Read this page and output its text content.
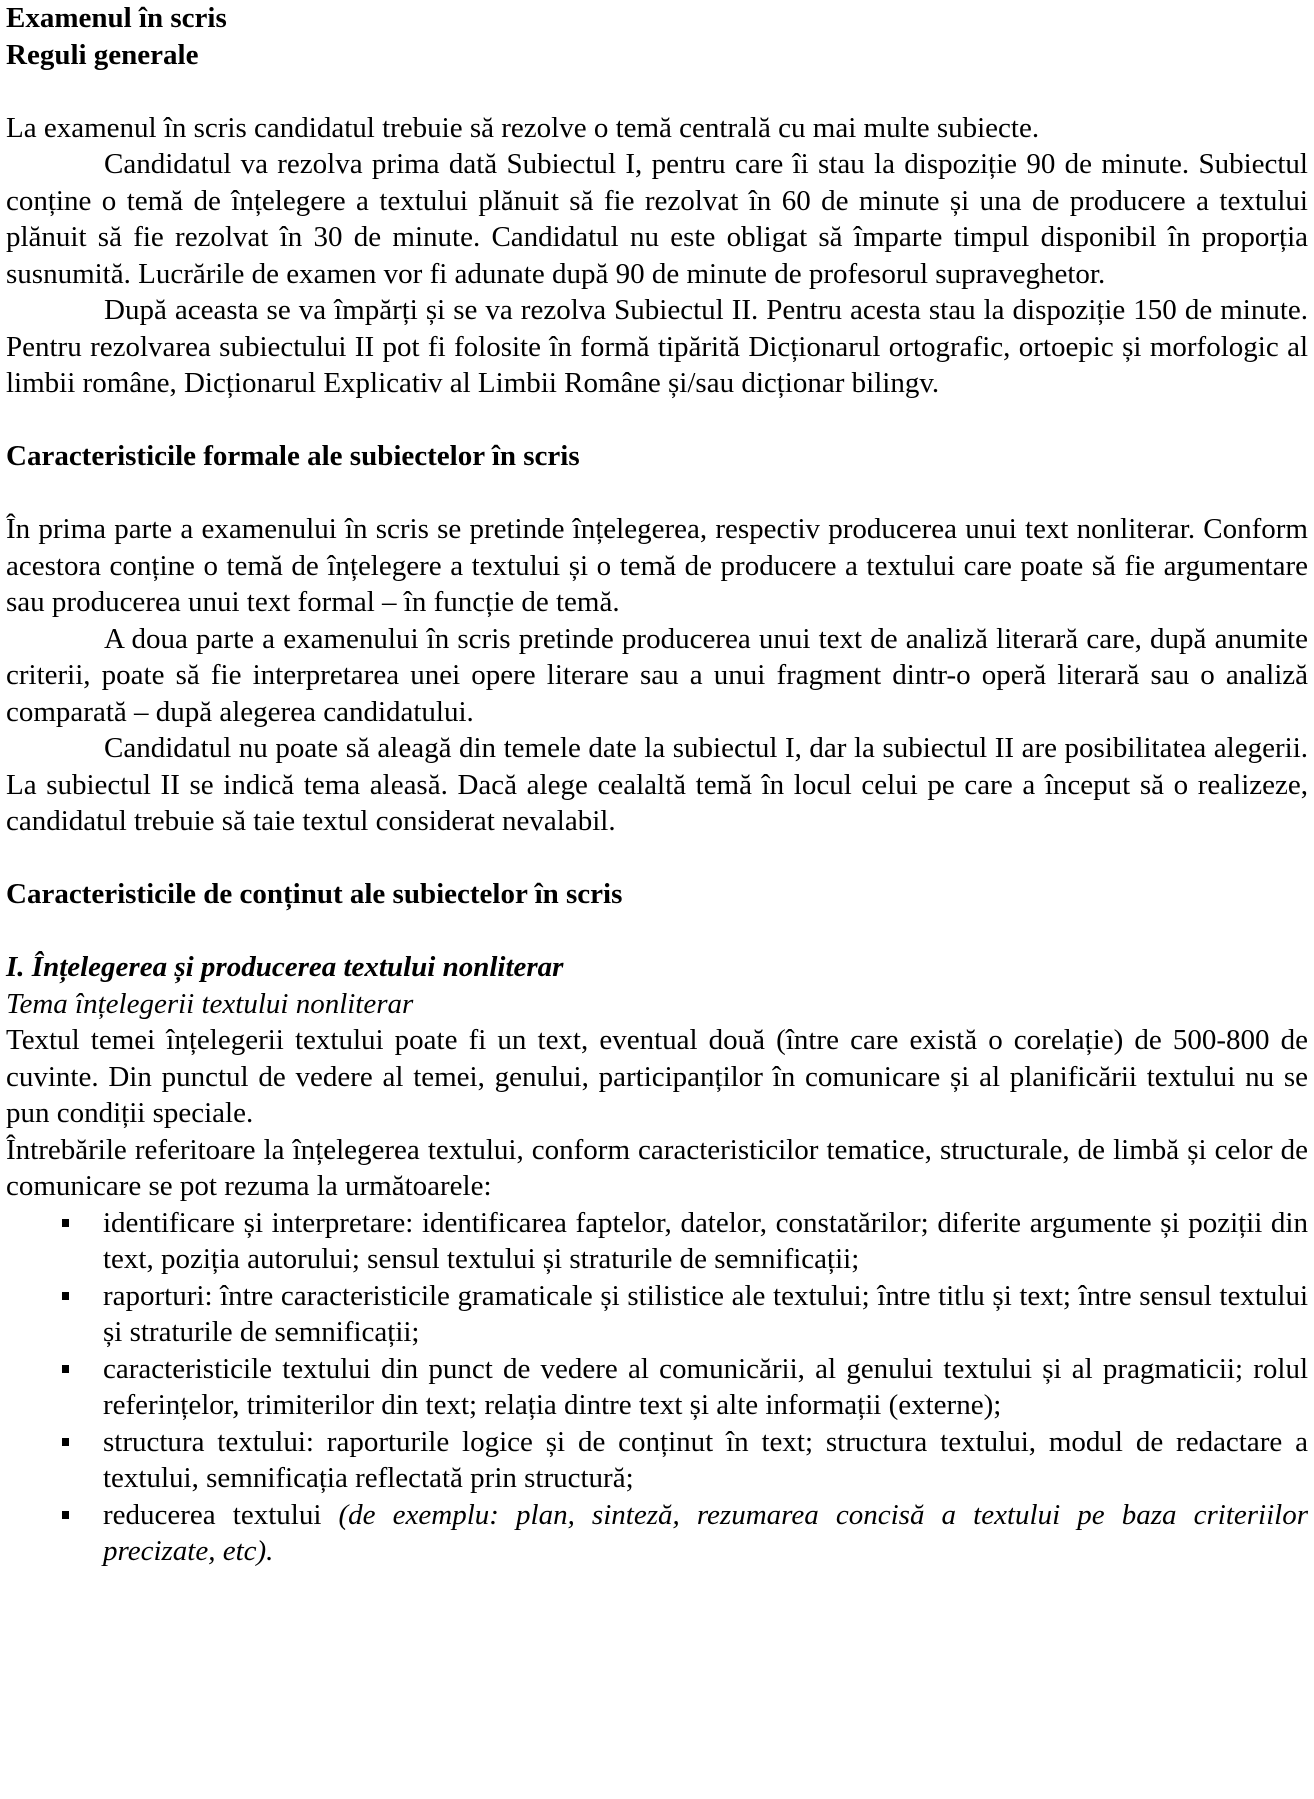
Examenul în scris

Reguli generale

La examenul în scris candidatul trebuie să rezolve o temă centrală cu mai multe subiecte.

Candidatul va rezolva prima dată Subiectul I, pentru care îi stau la dispoziție 90 de minute. Subiectul conține o temă de înțelegere a textului plănuit să fie rezolvat în 60 de minute și una de producere a textului plănuit să fie rezolvat în 30 de minute. Candidatul nu este obligat să împarte timpul disponibil în proporția susnumită. Lucrările de examen vor fi adunate după 90 de minute de profesorul supraveghetor.

După aceasta se va împărți și se va rezolva Subiectul II. Pentru acesta stau la dispoziție 150 de minute. Pentru rezolvarea subiectului II pot fi folosite în formă tipărită Dicționarul ortografic, ortoepic și morfologic al limbii române, Dicționarul Explicativ al Limbii Române și/sau dicționar bilingv.

Caracteristicile formale ale subiectelor în scris

În prima parte a examenului în scris se pretinde înțelegerea, respectiv producerea unui text nonliterar. Conform acestora conține o temă de înțelegere a textului și o temă de producere a textului care poate să fie argumentare sau producerea unui text formal – în funcție de temă.

A doua parte a examenului în scris pretinde producerea unui text de analiză literară care, după anumite criterii, poate să fie interpretarea unei opere literare sau a unui fragment dintr-o operă literară sau o analiză comparată – după alegerea candidatului.

Candidatul nu poate să aleagă din temele date la subiectul I, dar la subiectul II are posibilitatea alegerii. La subiectul II se indică tema aleasă. Dacă alege cealaltă temă în locul celui pe care a început să o realizeze, candidatul trebuie să taie textul considerat nevalabil.

Caracteristicile de conținut ale subiectelor în scris

I. Înțelegerea și producerea textului nonliterar

Tema înțelegerii textului nonliterar

Textul temei înțelegerii textului poate fi un text, eventual două (între care există o corelație) de 500-800 de cuvinte. Din punctul de vedere al temei, genului, participanților în comunicare și al planificării textului nu se pun condiții speciale.

Întrebările referitoare la înțelegerea textului, conform caracteristicilor tematice, structurale, de limbă și celor de comunicare se pot rezuma la următoarele:

identificare și interpretare: identificarea faptelor, datelor, constatărilor; diferite argumente și poziții din text, poziția autorului; sensul textului și straturile de semnificații;
raporturi: între caracteristicile gramaticale și stilistice ale textului; între titlu și text; între sensul textului și straturile de semnificații;
caracteristicile textului din punct de vedere al comunicării, al genului textului și al pragmaticii; rolul referințelor, trimiterilor din text; relația dintre text și alte informații (externe);
structura textului: raporturile logice și de conținut în text; structura textului, modul de redactare a textului, semnificația reflectată prin structură;
reducerea textului (de exemplu: plan, sinteză, rezumarea concisă a textului pe baza criteriilor precizate, etc).
